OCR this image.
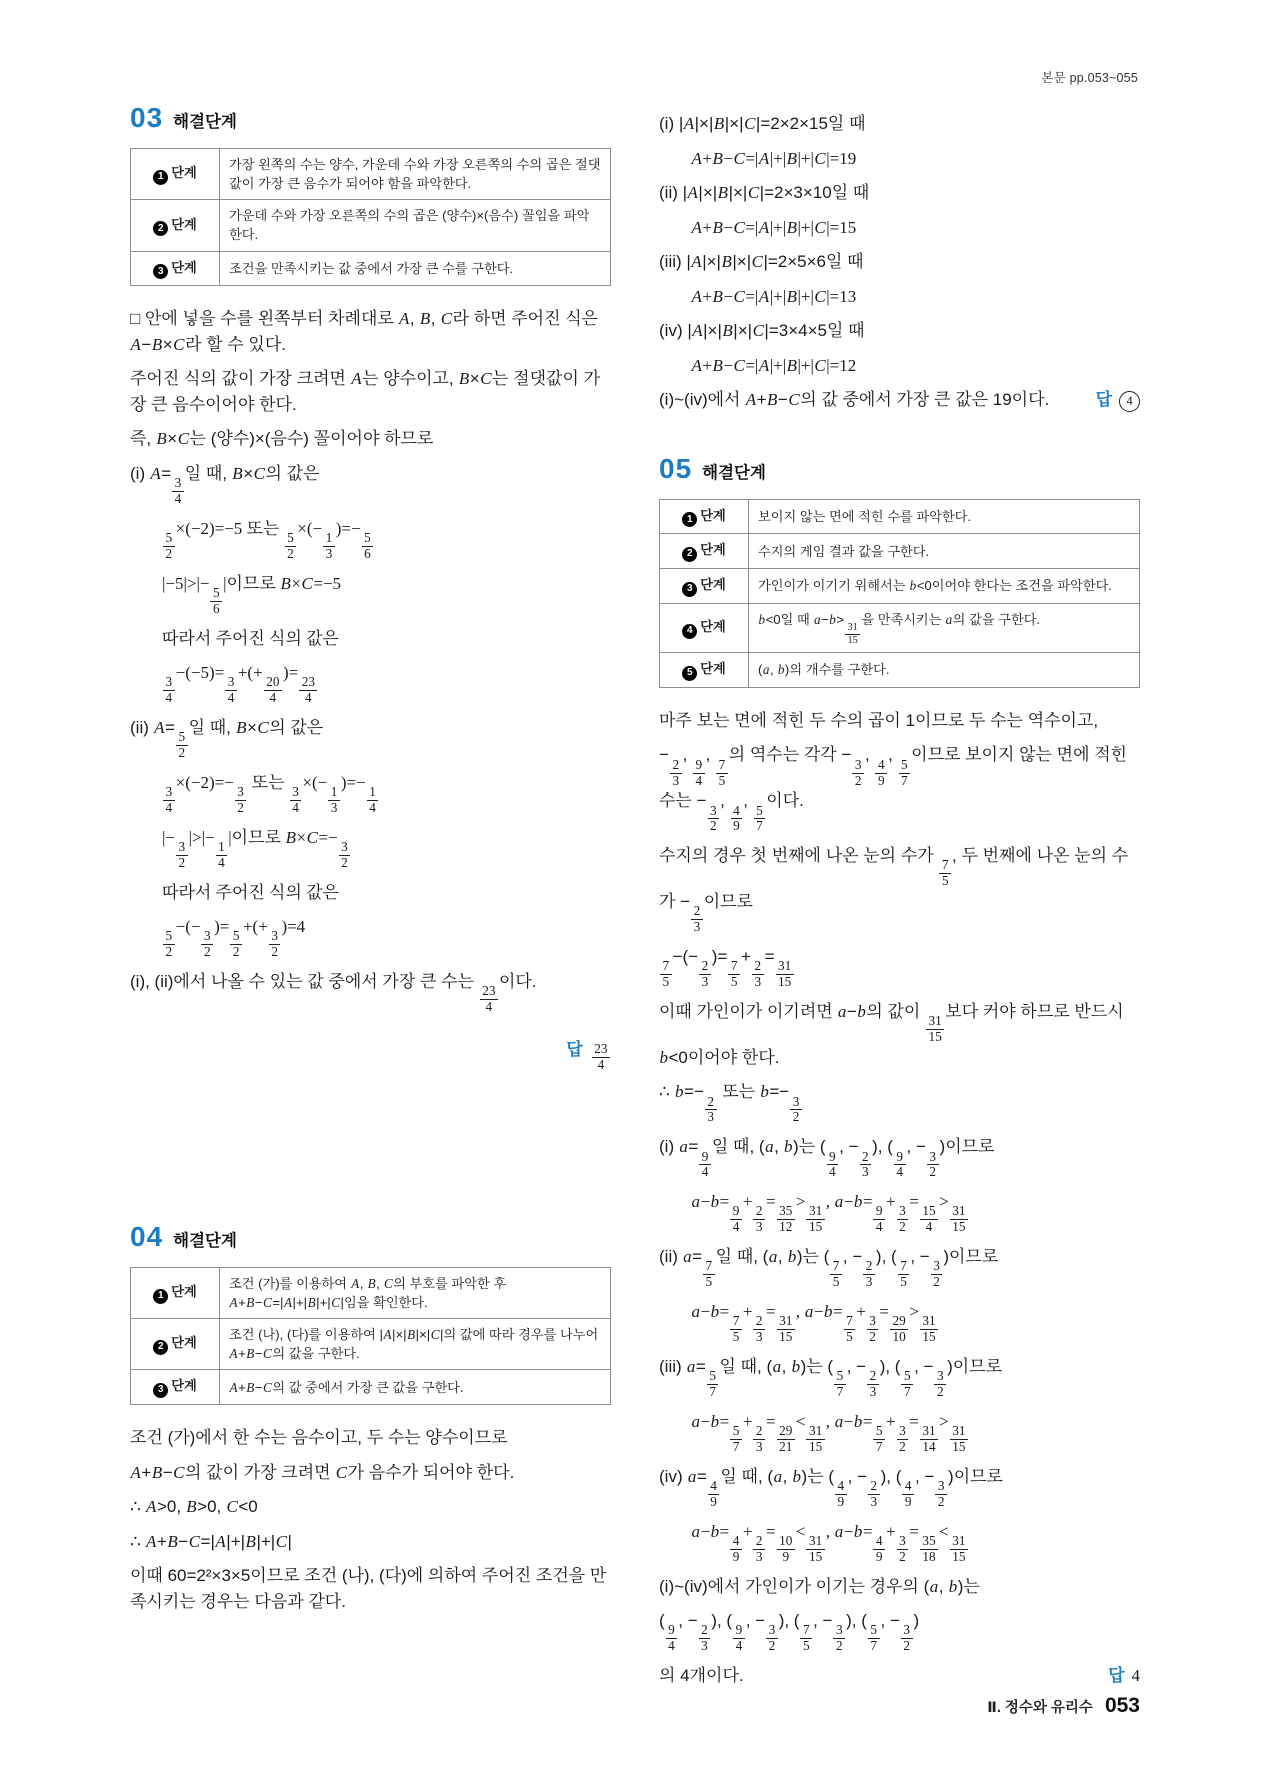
본문 pp.053~055
03 해결단계
1 단계	가장 왼쪽의 수는 양수, 가운데 수와 가장 오른쪽의 수의 곱은 절댓값이 가장 큰 음수가 되어야 함을 파악한다.
2 단계	가운데 수와 가장 오른쪽의 수의 곱은 (양수)×(음수) 꼴임을 파악한다.
3 단계	조건을 만족시키는 값 중에서 가장 큰 수를 구한다.
□ 안에 넣을 수를 왼쪽부터 차례대로 A, B, C라 하면 주어진 식은 A−B×C라 할 수 있다.
주어진 식의 값이 가장 크려면 A는 양수이고, B×C는 절댓값이 가장 큰 음수이어야 한다.
즉, B×C는 (양수)×(음수) 꼴이어야 하므로
(i) A=
$\frac{3}{4}$
일 때, B×C의 값은
$\frac{5}{2}$
×(−2)=−5 또는
$\frac{5}{2}$
×(−
$\frac{1}{3}$
)=−
$\frac{5}{6}$
|−5|>|−
$\frac{5}{6}$
|이므로 B×C=−5
따라서 주어진 식의 값은
$\frac{3}{4}$
−(−5)=
$\frac{3}{4}$
+(+
$\frac{20}{4}$
)=
$\frac{23}{4}$
(ii) A=
$\frac{5}{2}$
일 때, B×C의 값은
$\frac{3}{4}$
×(−2)=−
$\frac{3}{2}$
또는
$\frac{3}{4}$
×(−
$\frac{1}{3}$
)=−
$\frac{1}{4}$
|−
$\frac{3}{2}$
|>|−
$\frac{1}{4}$
|이므로 B×C=−
$\frac{3}{2}$
따라서 주어진 식의 값은
$\frac{5}{2}$
−(−
$\frac{3}{2}$
)=
$\frac{5}{2}$
+(+
$\frac{3}{2}$
)=4
(i), (ii)에서 나올 수 있는 값 중에서 가장 큰 수는
$\frac{23}{4}$
이다.
답 $\frac{23}{4}$
04 해결단계
1 단계	조건 (가)를 이용하여 A, B, C의 부호를 파악한 후 A+B−C=|A|+|B|+|C|임을 확인한다.
2 단계	조건 (나), (다)를 이용하여 |A|×|B|×|C|의 값에 따라 경우를 나누어 A+B−C의 값을 구한다.
3 단계	A+B−C의 값 중에서 가장 큰 값을 구한다.
조건 (가)에서 한 수는 음수이고, 두 수는 양수이므로
A+B−C의 값이 가장 크려면 C가 음수가 되어야 한다.
∴ A>0, B>0, C<0
∴ A+B−C=|A|+|B|+|C|
이때 60=2²×3×5이므로 조건 (나), (다)에 의하여 주어진 조건을 만족시키는 경우는 다음과 같다.
(i) |A|×|B|×|C|=2×2×15일 때
A+B−C=|A|+|B|+|C|=19
(ii) |A|×|B|×|C|=2×3×10일 때
A+B−C=|A|+|B|+|C|=15
(iii) |A|×|B|×|C|=2×5×6일 때
A+B−C=|A|+|B|+|C|=13
(iv) |A|×|B|×|C|=3×4×5일 때
A+B−C=|A|+|B|+|C|=12
(i)~(iv)에서 A+B−C의 값 중에서 가장 큰 값은 19이다.	답	4
05 해결단계
1 단계	보이지 않는 면에 적힌 수를 파악한다.
2 단계	수지의 게임 결과 값을 구한다.
3 단계	가인이가 이기기 위해서는 b<0이어야 한다는 조건을 파악한다.
4 단계	b<0일 때 a−b>
$\frac{31}{15}$
을 만족시키는 a의 값을 구한다.
5 단계	(a, b)의 개수를 구한다.
마주 보는 면에 적힌 두 수의 곱이 1이므로 두 수는 역수이고,
−
$\frac{2}{3}$
,
$\frac{9}{4}$
,
$\frac{7}{5}$
의 역수는 각각 −
$\frac{3}{2}$
,
$\frac{4}{9}$
,
$\frac{5}{7}$
이므로 보이지 않는 면에 적힌 수는 −
$\frac{3}{2}$
,
$\frac{4}{9}$
,
$\frac{5}{7}$
이다.
수지의 경우 첫 번째에 나온 눈의 수가
$\frac{7}{5}$
, 두 번째에 나온 눈의 수가 −
$\frac{2}{3}$
이므로
$\frac{7}{5}$
−(−
$\frac{2}{3}$
)=
$\frac{7}{5}$
+
$\frac{2}{3}$
=
$\frac{31}{15}$
이때 가인이가 이기려면 a−b의 값이
$\frac{31}{15}$
보다 커야 하므로 반드시 b<0이어야 한다.
∴ b=−
$\frac{2}{3}$
또는 b=−
$\frac{3}{2}$
(i) a=
$\frac{9}{4}$
일 때, (a, b)는 (
$\frac{9}{4}$
, −
$\frac{2}{3}$
), (
$\frac{9}{4}$
, −
$\frac{3}{2}$
)이므로
a−b=
$\frac{9}{4}$
+
$\frac{2}{3}$
=
$\frac{35}{12}$
>
$\frac{31}{15}$
, a−b=
$\frac{9}{4}$
+
$\frac{3}{2}$
=
$\frac{15}{4}$
>
$\frac{31}{15}$
(ii) a=
$\frac{7}{5}$
일 때, (a, b)는 (
$\frac{7}{5}$
, −
$\frac{2}{3}$
), (
$\frac{7}{5}$
, −
$\frac{3}{2}$
)이므로
a−b=
$\frac{7}{5}$
+
$\frac{2}{3}$
=
$\frac{31}{15}$
, a−b=
$\frac{7}{5}$
+
$\frac{3}{2}$
=
$\frac{29}{10}$
>
$\frac{31}{15}$
(iii) a=
$\frac{5}{7}$
일 때, (a, b)는 (
$\frac{5}{7}$
, −
$\frac{2}{3}$
), (
$\frac{5}{7}$
, −
$\frac{3}{2}$
)이므로
a−b=
$\frac{5}{7}$
+
$\frac{2}{3}$
=
$\frac{29}{21}$
<
$\frac{31}{15}$
, a−b=
$\frac{5}{7}$
+
$\frac{3}{2}$
=
$\frac{31}{14}$
>
$\frac{31}{15}$
(iv) a=
$\frac{4}{9}$
일 때, (a, b)는 (
$\frac{4}{9}$
, −
$\frac{2}{3}$
), (
$\frac{4}{9}$
, −
$\frac{3}{2}$
)이므로
a−b=
$\frac{4}{9}$
+
$\frac{2}{3}$
=
$\frac{10}{9}$
<
$\frac{31}{15}$
, a−b=
$\frac{4}{9}$
+
$\frac{3}{2}$
=
$\frac{35}{18}$
<
$\frac{31}{15}$
(i)~(iv)에서 가인이가 이기는 경우의 (a, b)는
(
$\frac{9}{4}$
, −
$\frac{2}{3}$
), (
$\frac{9}{4}$
, −
$\frac{3}{2}$
), (
$\frac{7}{5}$
, −
$\frac{3}{2}$
), (
$\frac{5}{7}$
, −
$\frac{3}{2}$
)
의 4개이다.	답 4
Ⅱ. 정수와 유리수 053
